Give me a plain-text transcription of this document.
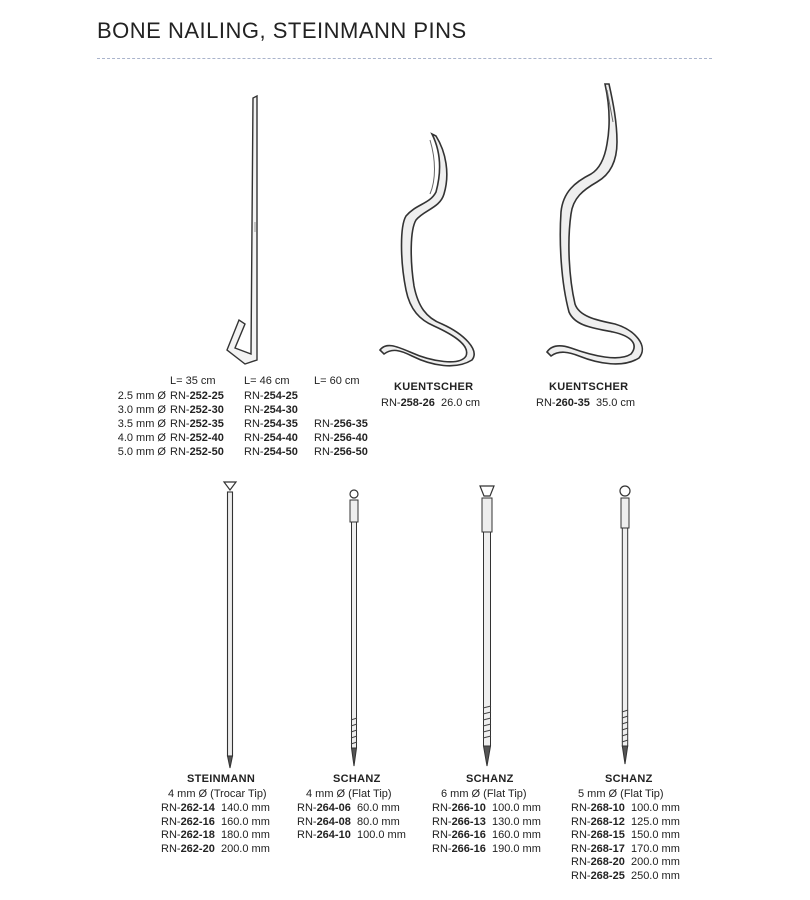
BONE NAILING, STEINMANN PINS
L= 35 cm	L= 46 cm L= 60 cm
2.5 mm Ø RN-252-25 RN-254-25
3.0 mm Ø RN-252-30 RN-254-30
3.5 mm Ø RN-252-35 RN-254-35 RN-256-35
4.0 mm Ø RN-252-40 RN-254-40 RN-256-40
5.0 mm Ø RN-252-50 RN-254-50 RN-256-50
KUENTSCHER
RN-258-26 26.0 cm
KUENTSCHER
RN-260-35 35.0 cm
STEINMANN
4 mm Ø (Trocar Tip)
RN-262-14 140.0 mm
RN-262-16 160.0 mm
RN-262-18 180.0 mm
RN-262-20 200.0 mm
SCHANZ
4 mm Ø (Flat Tip)
RN-264-06 60.0 mm
RN-264-08 80.0 mm
RN-264-10 100.0 mm
SCHANZ
6 mm Ø (Flat Tip)
RN-266-10 100.0 mm
RN-266-13 130.0 mm
RN-266-16 160.0 mm
RN-266-16 190.0 mm
SCHANZ
5 mm Ø (Flat Tip)
RN-268-10 100.0 mm
RN-268-12 125.0 mm
RN-268-15 150.0 mm
RN-268-17 170.0 mm
RN-268-20 200.0 mm
RN-268-25 250.0 mm
